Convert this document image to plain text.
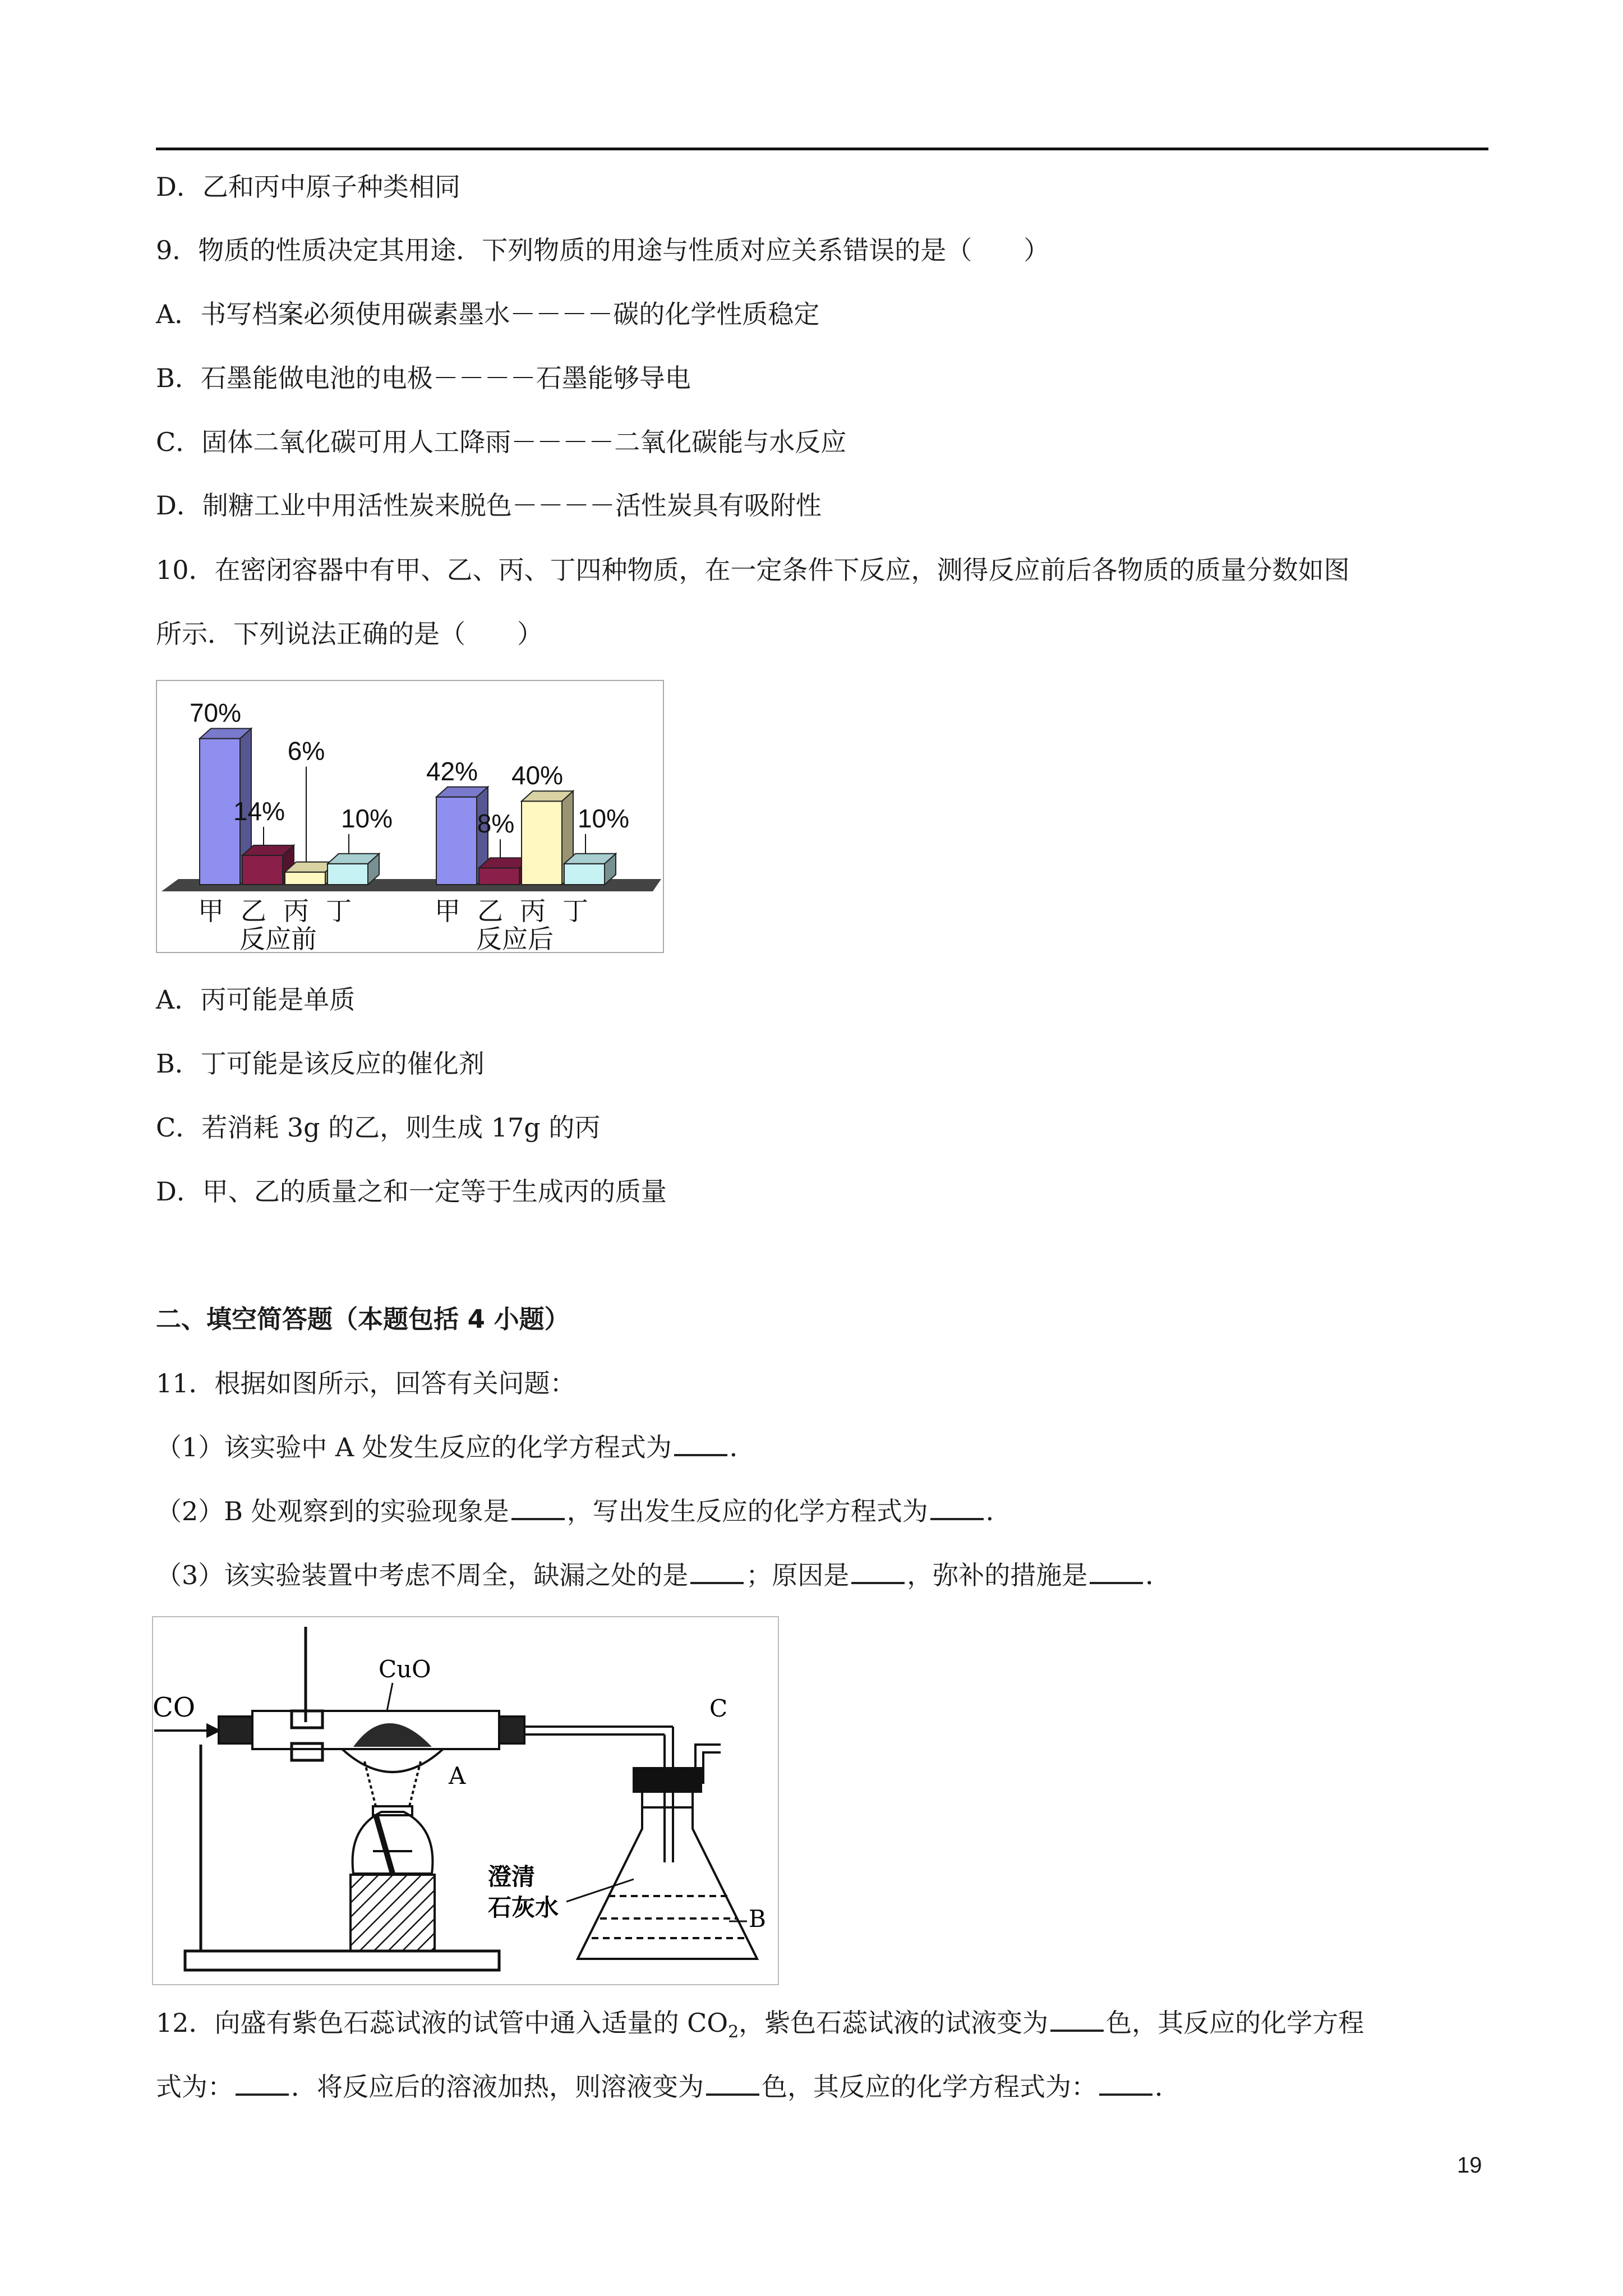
D．乙和丙中原子种类相同
9．物质的性质决定其用途．下列物质的用途与性质对应关系错误的是（　　）
A．书写档案必须使用碳素墨水－－－－碳的化学性质稳定
B．石墨能做电池的电极－－－－石墨能够导电
C．固体二氧化碳可用人工降雨－－－－二氧化碳能与水反应
D．制糖工业中用活性炭来脱色－－－－活性炭具有吸附性
10．在密闭容器中有甲、乙、丙、丁四种物质，在一定条件下反应，测得反应前后各物质的质量分数如图
所示．下列说法正确的是（　　）
70%
14%
6%
10%
甲 乙 丙 丁
反应前
42%
8%
40%
10%
甲 乙 丙 丁
反应后
A．丙可能是单质
B．丁可能是该反应的催化剂
C．若消耗 3g 的乙，则生成 17g 的丙
D．甲、乙的质量之和一定等于生成丙的质量
二、填空简答题（本题包括 4 小题）
11．根据如图所示，回答有关问题：
（1）该实验中 A 处发生反应的化学方程式为 ．
（2）B 处观察到的实验现象是 ，写出发生反应的化学方程式为 ．
（3）该实验装置中考虑不周全，缺漏之处的是 ；原因是 ，弥补的措施是 ．
CO
CuO
A
C
B
澄清
石灰水
12．向盛有紫色石蕊试液的试管中通入适量的 $CO_2$，紫色石蕊试液的试液变为 色，其反应的化学方程
式为： ．将反应后的溶液加热，则溶液变为 色，其反应的化学方程式为： ．
19
